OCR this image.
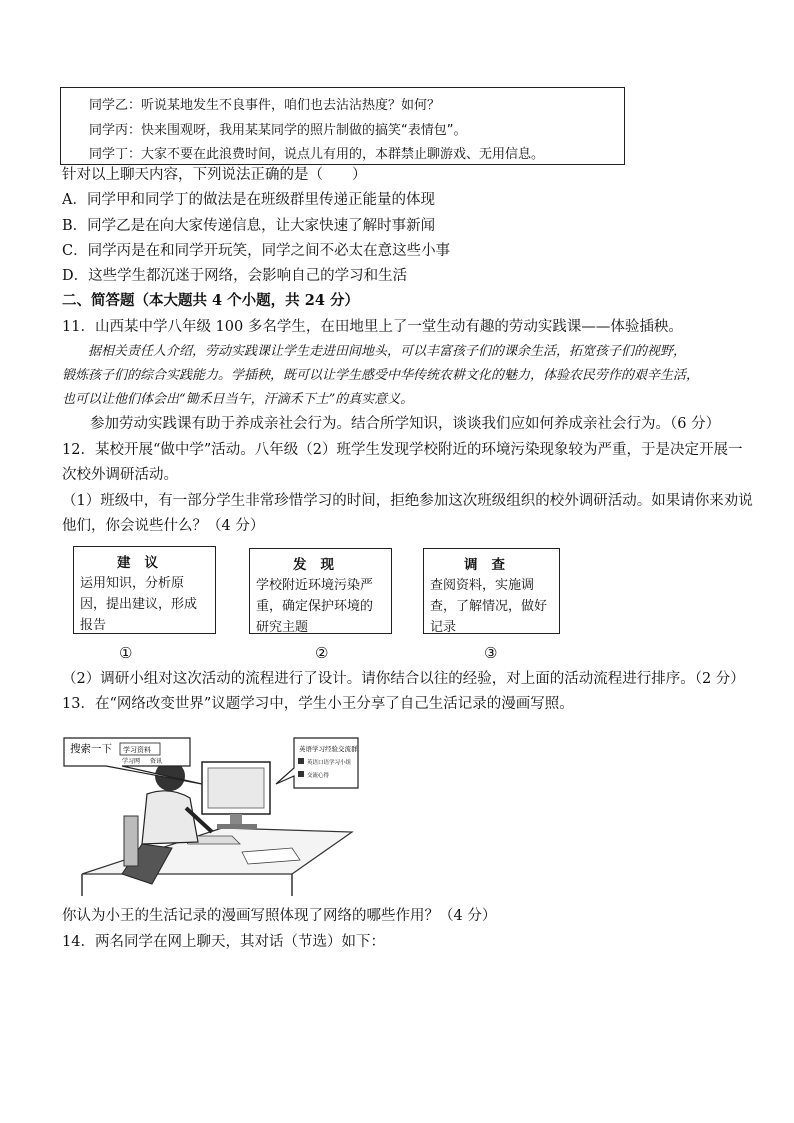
同学乙：听说某地发生不良事件，咱们也去沾沾热度？如何？
同学丙：快来围观呀，我用某某同学的照片制做的搞笑“表情包”。
同学丁：大家不要在此浪费时间，说点儿有用的，本群禁止聊游戏、无用信息。
针对以上聊天内容，下列说法正确的是（　　）
A．同学甲和同学丁的做法是在班级群里传递正能量的体现
B．同学乙是在向大家传递信息，让大家快速了解时事新闻
C．同学丙是在和同学开玩笑，同学之间不必太在意这些小事
D．这些学生都沉迷于网络，会影响自己的学习和生活
二、简答题（本大题共 4 个小题，共 24 分）
11．山西某中学八年级 100 多名学生，在田地里上了一堂生动有趣的劳动实践课——体验插秧。
据相关责任人介绍，劳动实践课让学生走进田间地头，可以丰富孩子们的课余生活，拓宽孩子们的视野，
锻炼孩子们的综合实践能力。学插秧，既可以让学生感受中华传统农耕文化的魅力，体验农民劳作的艰辛生活，
也可以让他们体会出“锄禾日当午，汗滴禾下土”的真实意义。
参加劳动实践课有助于养成亲社会行为。结合所学知识，谈谈我们应如何养成亲社会行为。（6 分）
12．某校开展“做中学”活动。八年级（2）班学生发现学校附近的环境污染现象较为严重，于是决定开展一
次校外调研活动。
（1）班级中，有一部分学生非常珍惜学习的时间，拒绝参加这次班级组织的校外调研活动。如果请你来劝说
他们，你会说些什么？（4 分）
建议
运用知识，分析原因，提出建议，形成报告
发现
学校附近环境污染严重，确定保护环境的研究主题
调查
查阅资料，实施调查，了解情况，做好记录
①	②	③
（2）调研小组对这次活动的流程进行了设计。请你结合以往的经验，对上面的活动流程进行排序。（2 分）
13．在“网络改变世界”议题学习中，学生小王分享了自己生活记录的漫画写照。
搜索一下 学习资料
学习网 资讯
英语学习经验交流群
英语口语学习小组
交流心得
你认为小王的生活记录的漫画写照体现了网络的哪些作用？（4 分）
14．两名同学在网上聊天，其对话（节选）如下：
